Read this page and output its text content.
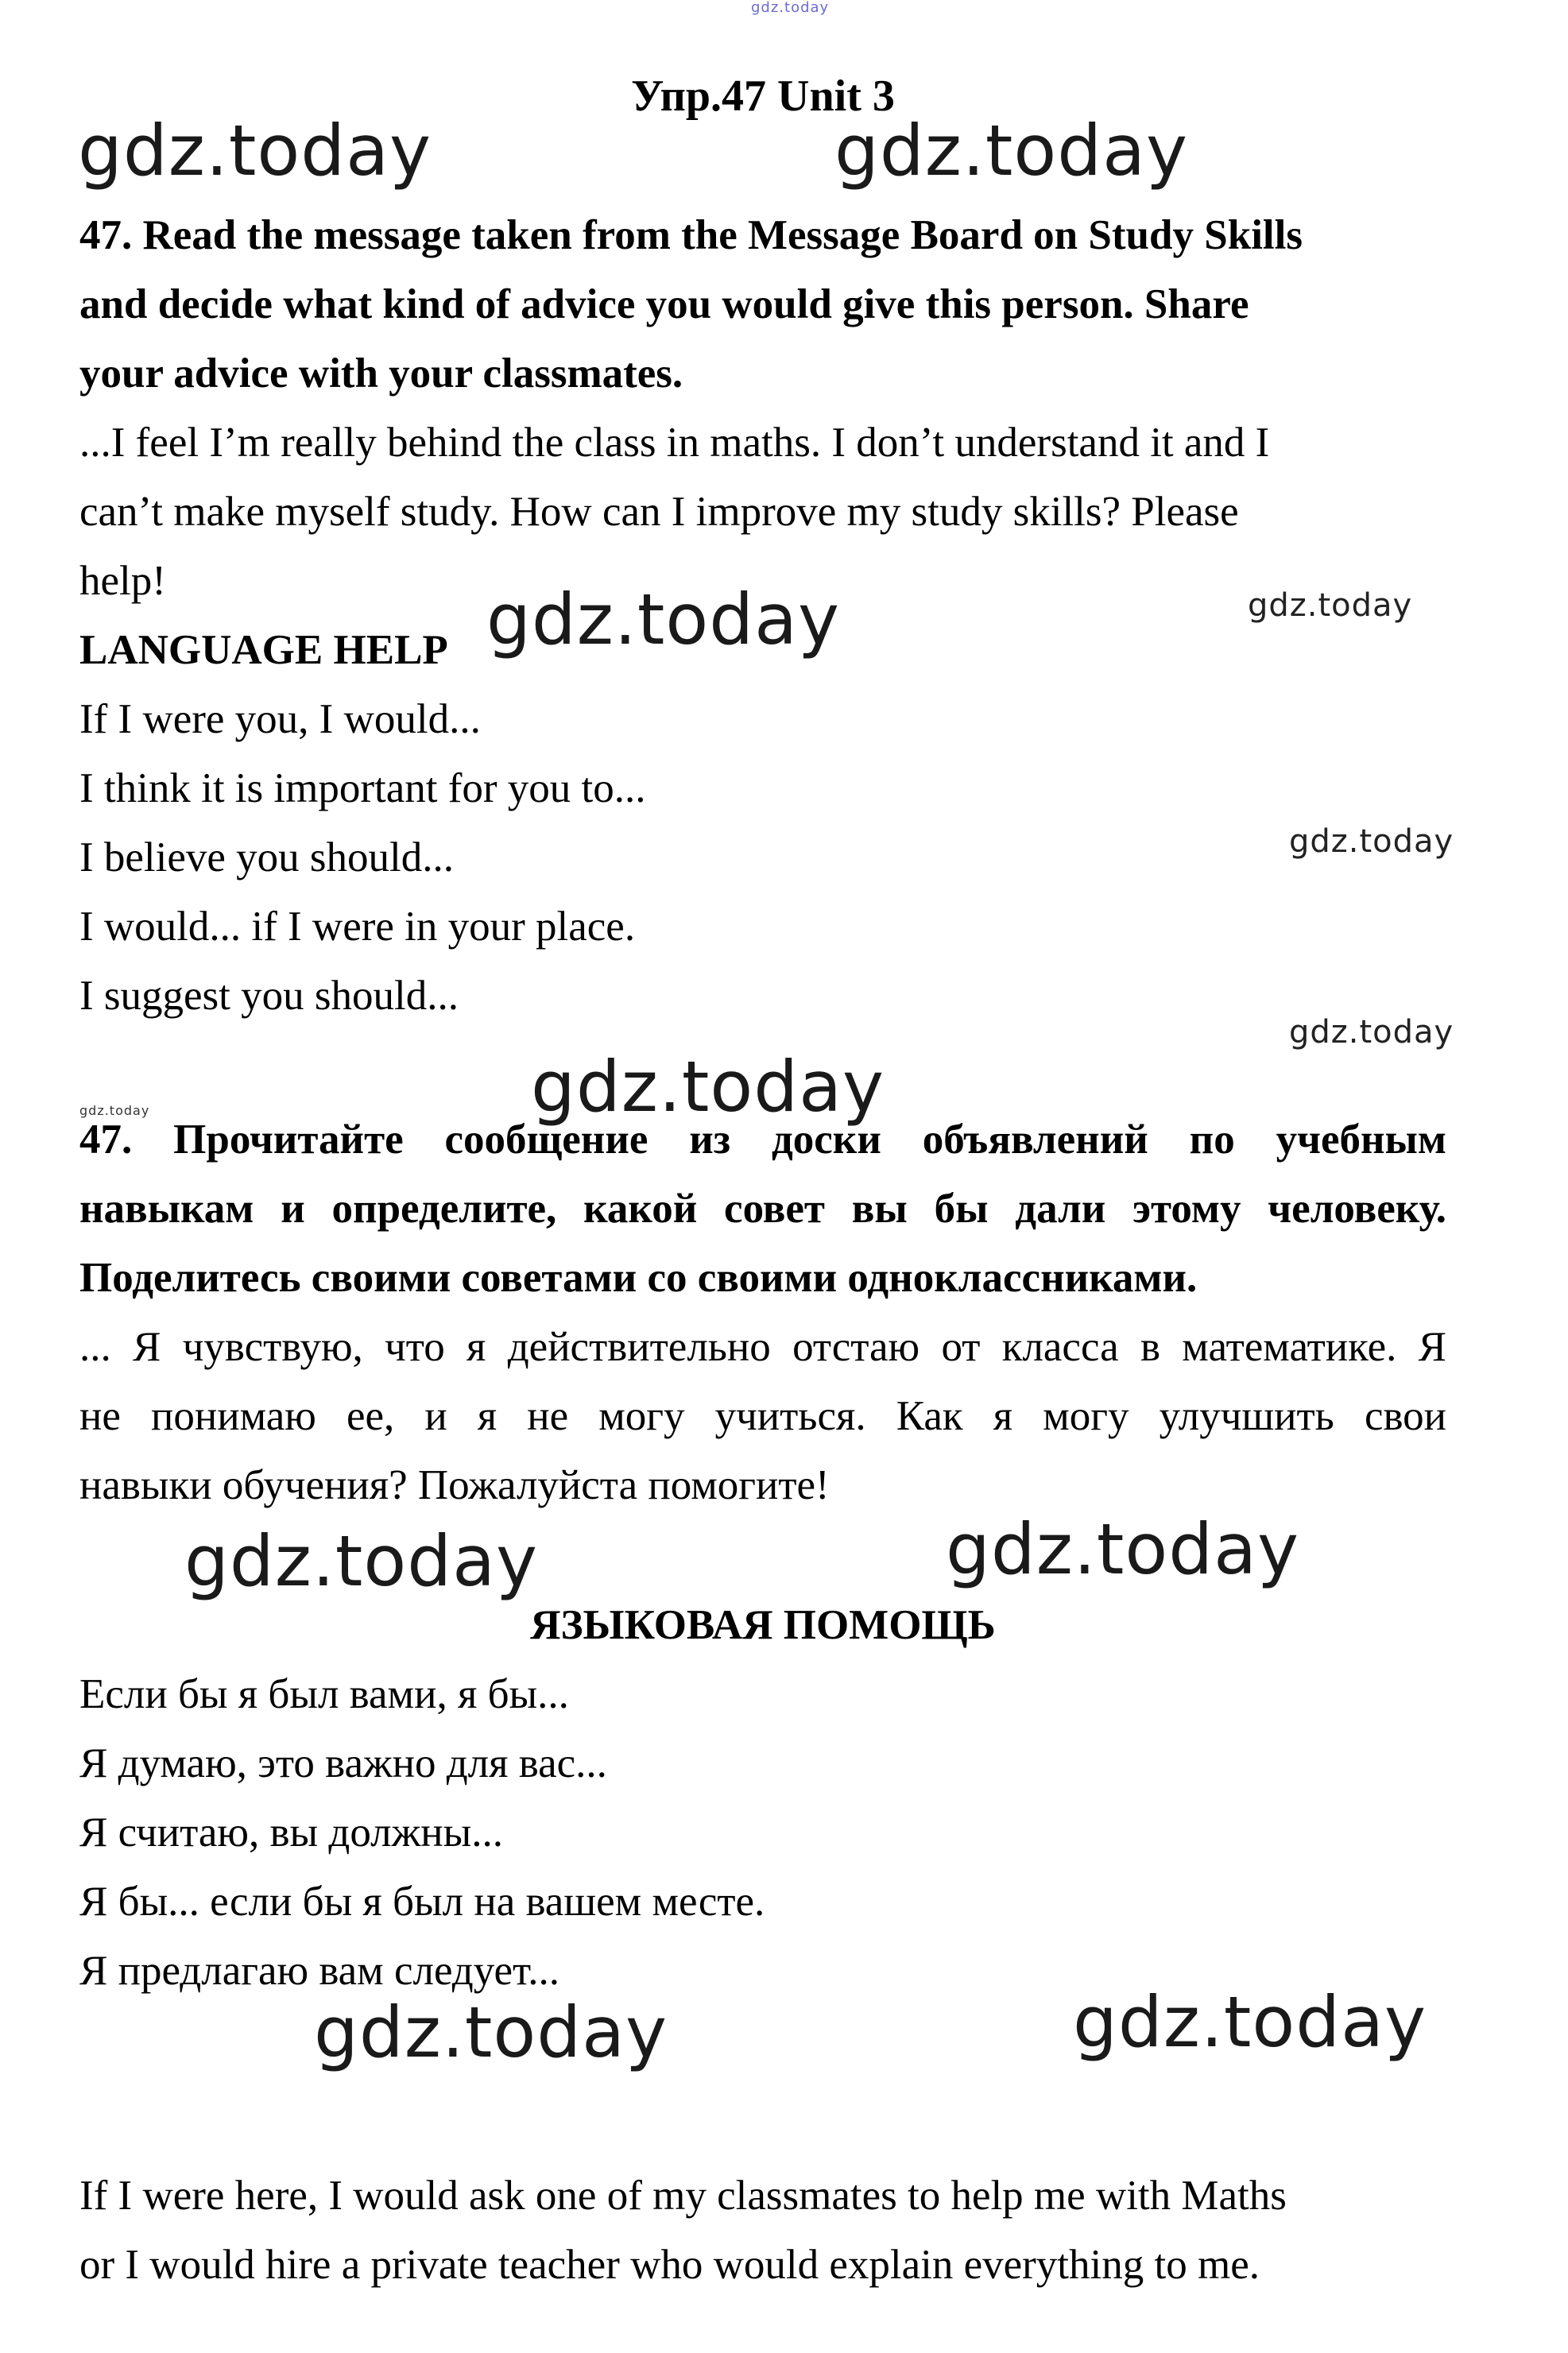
gdz.today
Упр.47 Unit 3
gdz.today	gdz.today
47. Read the message taken from the Message Board on Study Skills
and decide what kind of advice you would give this person. Share
your advice with your classmates.
...I feel I’m really behind the class in maths. I don’t understand it and I
can’t make myself study. How can I improve my study skills? Please
help!
LANGUAGE HELP
If I were you, I would...
I think it is important for you to...
I believe you should...
I would... if I were in your place.
I suggest you should...
gdz.today	gdz.today
gdz.today
gdz.today
gdz.today
gdz.today
47. Прочитайте сообщение из доски объявлений по учебным
навыкам и определите, какой совет вы бы дали этому человеку.
Поделитесь своими советами со своими одноклассниками.
... Я чувствую, что я действительно отстаю от класса в математике. Я
не понимаю ее, и я не могу учиться. Как я могу улучшить свои
навыки обучения? Пожалуйста помогите!
gdz.today	gdz.today
ЯЗЫКОВАЯ ПОМОЩЬ
Если бы я был вами, я бы...
Я думаю, это важно для вас...
Я считаю, вы должны...
Я бы... если бы я был на вашем месте.
Я предлагаю вам следует...
gdz.today	gdz.today
If I were here, I would ask one of my classmates to help me with Maths
or I would hire a private teacher who would explain everything to me.
